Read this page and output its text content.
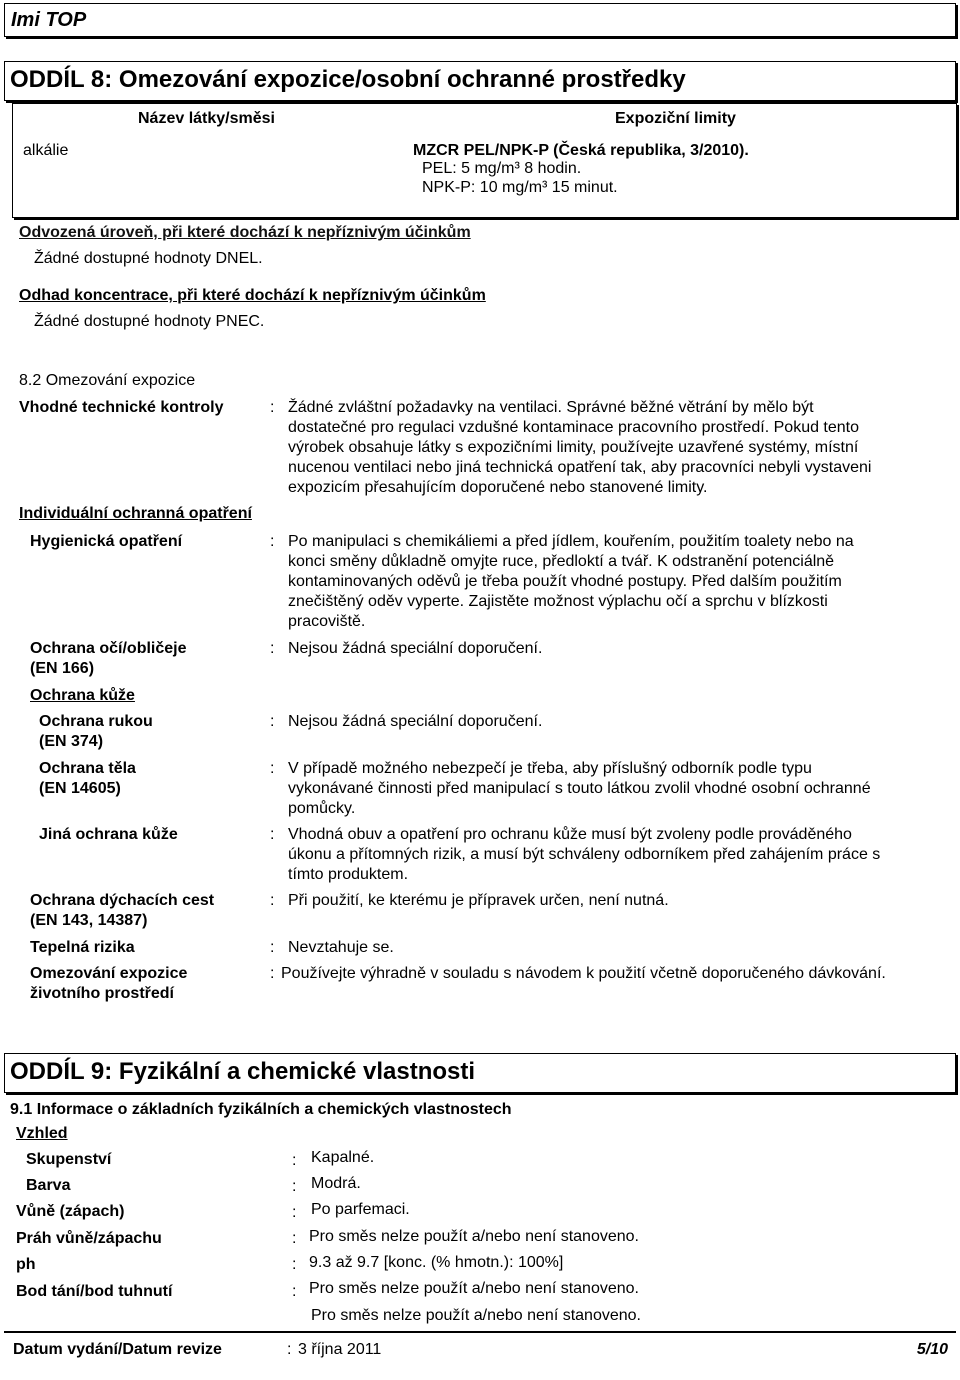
Imi TOP
ODDÍL 8: Omezování expozice/osobní ochranné prostředky
Název látky/směsi	Expoziční limity
alkálie	MZCR PEL/NPK-P (Česká republika, 3/2010).
PEL: 5 mg/m³ 8 hodin.
NPK-P: 10 mg/m³ 15 minut.
Odvozená úroveň, při které dochází k nepříznivým účinkům
Žádné dostupné hodnoty DNEL.
Odhad koncentrace, při které dochází k nepříznivým účinkům
Žádné dostupné hodnoty PNEC.
8.2 Omezování expozice
Vhodné technické kontroly	: Žádné zvláštní požadavky na ventilaci. Správné běžné větrání by mělo být
dostatečné pro regulaci vzdušné kontaminace pracovního prostředí. Pokud tento
výrobek obsahuje látky s expozičními limity, používejte uzavřené systémy, místní
nucenou ventilaci nebo jiná technická opatření tak, aby pracovníci nebyli vystaveni
expozicím přesahujícím doporučené nebo stanovené limity.
Individuální ochranná opatření
Hygienická opatření	: Po manipulaci s chemikáliemi a před jídlem, kouřením, použitím toalety nebo na
konci směny důkladně omyjte ruce, předloktí a tvář. K odstranění potenciálně
kontaminovaných oděvů je třeba použít vhodné postupy. Před dalším použitím
znečištěný oděv vyperte. Zajistěte možnost výplachu očí a sprchu v blízkosti
pracoviště.
Ochrana očí/obličeje
(EN 166)
: Nejsou žádná speciální doporučení.
Ochrana kůže
Ochrana rukou
(EN 374)
: Nejsou žádná speciální doporučení.
Ochrana těla
(EN 14605)
: V případě možného nebezpečí je třeba, aby příslušný odborník podle typu
vykonávané činnosti před manipulací s touto látkou zvolil vhodné osobní ochranné
pomůcky.
Jiná ochrana kůže	: Vhodná obuv a opatření pro ochranu kůže musí být zvoleny podle prováděného
úkonu a přítomných rizik, a musí být schváleny odborníkem před zahájením práce s
tímto produktem.
Ochrana dýchacích cest
(EN 143, 14387)
: Při použití, ke kterému je přípravek určen, není nutná.
Tepelná rizika	: Nevztahuje se.
Omezování expozice
životního prostředí
: Používejte výhradně v souladu s návodem k použití včetně doporučeného dávkování.
ODDÍL 9: Fyzikální a chemické vlastnosti
9.1 Informace o základních fyzikálních a chemických vlastnostech
Vzhled
Skupenství	: Kapalné.
Barva	: Modrá.
Vůně (zápach)	: Po parfemaci.
Práh vůně/zápachu	: Pro směs nelze použít a/nebo není stanoveno.
ph	: 9.3 až 9.7 [konc. (% hmotn.): 100%]
Bod tání/bod tuhnutí	: Pro směs nelze použít a/nebo není stanoveno.
Pro směs nelze použít a/nebo není stanoveno.
Datum vydání/Datum revize	: 3 října 2011	5/10
